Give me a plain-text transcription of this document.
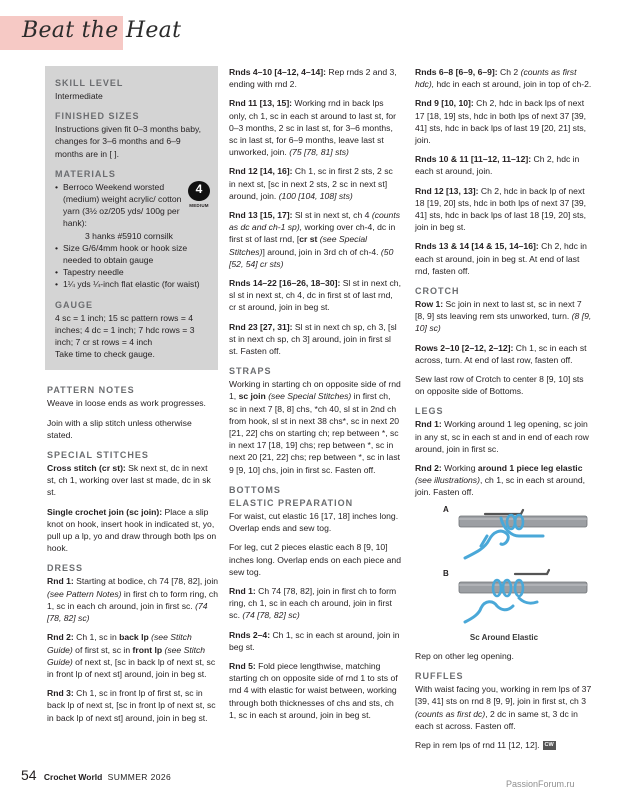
Beat the Heat
SKILL LEVEL

Intermediate

FINISHED SIZES

Instructions given fit 0–3 months baby, changes for 3–6 months and 6–9 months are in [ ].

MATERIALS
4
MEDIUM
• Berroco Weekend worsted (medium) weight acrylic/ cotton yarn (3½ oz/205 yds/ 100g per hank):
3 hanks #5910 cornsilk
• Size G/6/4mm hook or hook size needed to obtain gauge
• Tapestry needle
• 1¼ yds ¼-inch flat elastic (for waist)
GAUGE

4 sc = 1 inch; 15 sc pattern rows = 4 inches; 4 dc = 1 inch; 7 hdc rows = 3 inch; 7 cr st rows = 4 inch

Take time to check gauge.

PATTERN NOTES

Weave in loose ends as work progresses.

Join with a slip stitch unless otherwise stated.

SPECIAL STITCHES

Cross stitch (cr st): Sk next st, dc in next st, ch 1, working over last st made, dc in sk st.

Single crochet join (sc join): Place a slip knot on hook, insert hook in indicated st, yo, pull up a lp, yo and draw through both lps on hook.

DRESS

Rnd 1: Starting at bodice, ch 74 [78, 82], join (see Pattern Notes) in first ch to form ring, ch 1, sc in each ch around, join in first sc. (74 [78, 82] sc)

Rnd 2: Ch 1, sc in back lp (see Stitch Guide) of first st, sc in front lp (see Stitch Guide) of next st, [sc in back lp of next st, sc in front lp of next st] around, join in beg st.

Rnd 3: Ch 1, sc in front lp of first st, sc in back lp of next st, [sc in front lp of next st, sc in back lp of next st] around, join in beg st.

Rnds 4–10 [4–12, 4–14]: Rep rnds 2 and 3, ending with rnd 2.

Rnd 11 [13, 15]: Working rnd in back lps only, ch 1, sc in each st around to last st, for 0–3 months, 2 sc in last st, for 3–6 months, sc in last st, for 6–9 months, leave last st unworked, join. (75 [78, 81] sts)

Rnd 12 [14, 16]: Ch 1, sc in first 2 sts, 2 sc in next st, [sc in next 2 sts, 2 sc in next st] around, join. (100 [104, 108] sts)

Rnd 13 [15, 17]: Sl st in next st, ch 4 (counts as dc and ch-1 sp), working over ch-4, dc in first st of last rnd, [cr st (see Special Stitches)] around, join in 3rd ch of ch-4. (50 [52, 54] cr sts)

Rnds 14–22 [16–26, 18–30]: Sl st in next ch, sl st in next st, ch 4, dc in first st of last rnd, cr st around, join in beg st.

Rnd 23 [27, 31]: Sl st in next ch sp, ch 3, [sl st in next ch sp, ch 3] around, join in first sl st. Fasten off.

STRAPS

Working in starting ch on opposite side of rnd 1, sc join (see Special Stitches) in first ch, sc in next 7 [8, 8] chs, *ch 40, sl st in 2nd ch from hook, sl st in next 38 chs*, sc in next 20 [21, 22] chs on starting ch; rep between *, sc in next 17 [18, 19] chs; rep between *, sc in next 20 [21, 22] chs; rep between *, sc in last 9 [9, 10] chs, join in first sc. Fasten off.

BOTTOMS
ELASTIC PREPARATION

For waist, cut elastic 16 [17, 18] inches long. Overlap ends and sew tog.

For leg, cut 2 pieces elastic each 8 [9, 10] inches long. Overlap ends on each piece and sew tog.

Rnd 1: Ch 74 [78, 82], join in first ch to form ring, ch 1, sc in each ch around, join in first sc. (74 [78, 82] sc)

Rnds 2–4: Ch 1, sc in each st around, join in beg st.

Rnd 5: Fold piece lengthwise, matching starting ch on opposite side of rnd 1 to sts of rnd 4 with elastic for waist between, working through both thicknesses of chs and sts, ch 1, sc in each st around, join in beg st.

Rnds 6–8 [6–9, 6–9]: Ch 2 (counts as first hdc), hdc in each st around, join in top of ch-2.

Rnd 9 [10, 10]: Ch 2, hdc in back lps of next 17 [18, 19] sts, hdc in both lps of next 37 [39, 41] sts, hdc in back lps of last 19 [20, 21] sts, join.

Rnds 10 & 11 [11–12, 11–12]: Ch 2, hdc in each st around, join.

Rnd 12 [13, 13]: Ch 2, hdc in back lp of next 18 [19, 20] sts, hdc in both lps of next 37 [39, 41] sts, hdc in back lps of last 18 [19, 20] sts, join in beg st.

Rnds 13 & 14 [14 & 15, 14–16]: Ch 2, hdc in each st around, join in beg st. At end of last rnd, fasten off.

CROTCH

Row 1: Sc join in next to last st, sc in next 7 [8, 9] sts leaving rem sts unworked, turn. (8 [9, 10] sc)

Rows 2–10 [2–12, 2–12]: Ch 1, sc in each st across, turn. At end of last row, fasten off.

Sew last row of Crotch to center 8 [9, 10] sts on opposite side of Bottoms.

LEGS

Rnd 1: Working around 1 leg opening, sc join in any st, sc in each st and in end of each row around, join in first sc.

Rnd 2: Working around 1 piece leg elastic (see illustrations), ch 1, sc in each st around, join. Fasten off.

A
B
Sc Around Elastic

Rep on other leg opening.

RUFFLES

With waist facing you, working in rem lps of 37 [39, 41] sts on rnd 8 [9, 9], join in first st, ch 3 (counts as first dc), 2 dc in same st, 3 dc in each st across. Fasten off.

Rep in rem lps of rnd 11 [12, 12]. CW

54 Crochet World SUMMER 2026
PassionForum.ru
